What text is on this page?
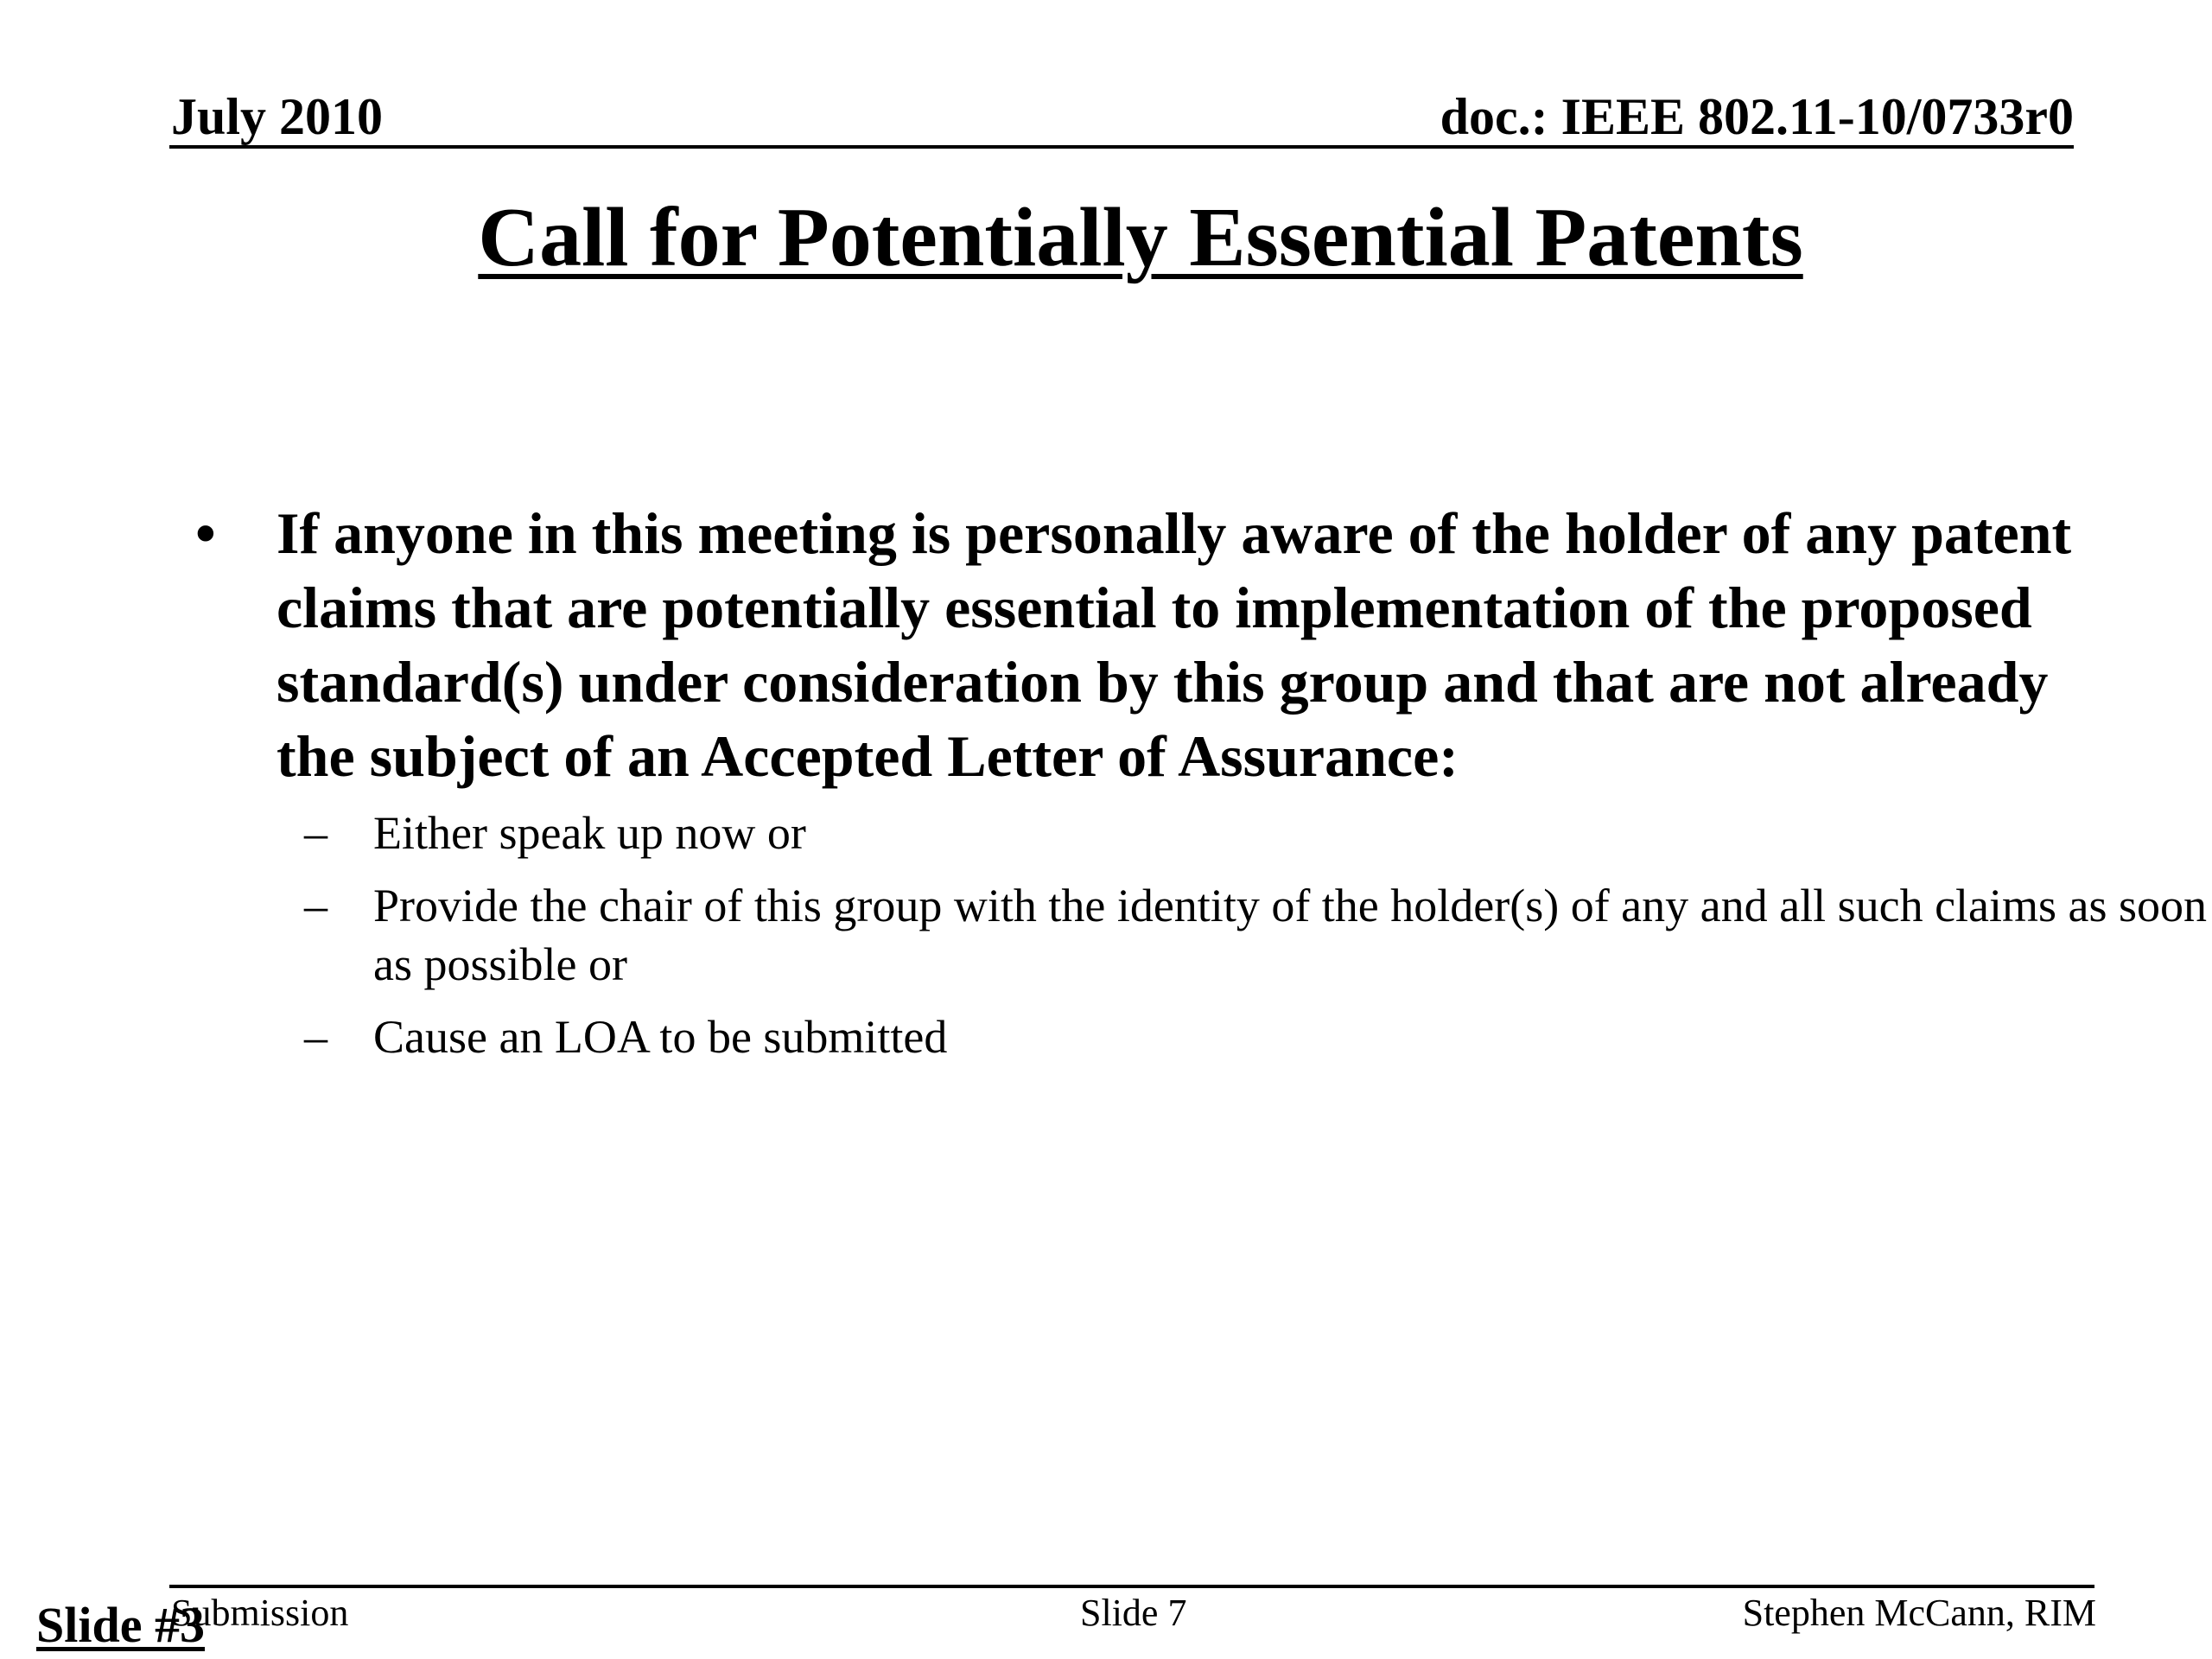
July 2010	doc.: IEEE 802.11-10/0733r0
Call for Potentially Essential Patents
• If anyone in this meeting is personally aware of the holder of any patent claims that are potentially essential to implementation of the proposed standard(s) under consideration by this group and that are not already the subject of an Accepted Letter of Assurance:
– Either speak up now or
– Provide the chair of this group with the identity of the holder(s) of any and all such claims as soon as possible or
– Cause an LOA to be submitted
Submission	Slide 7	Stephen McCann, RIM
Slide #3
